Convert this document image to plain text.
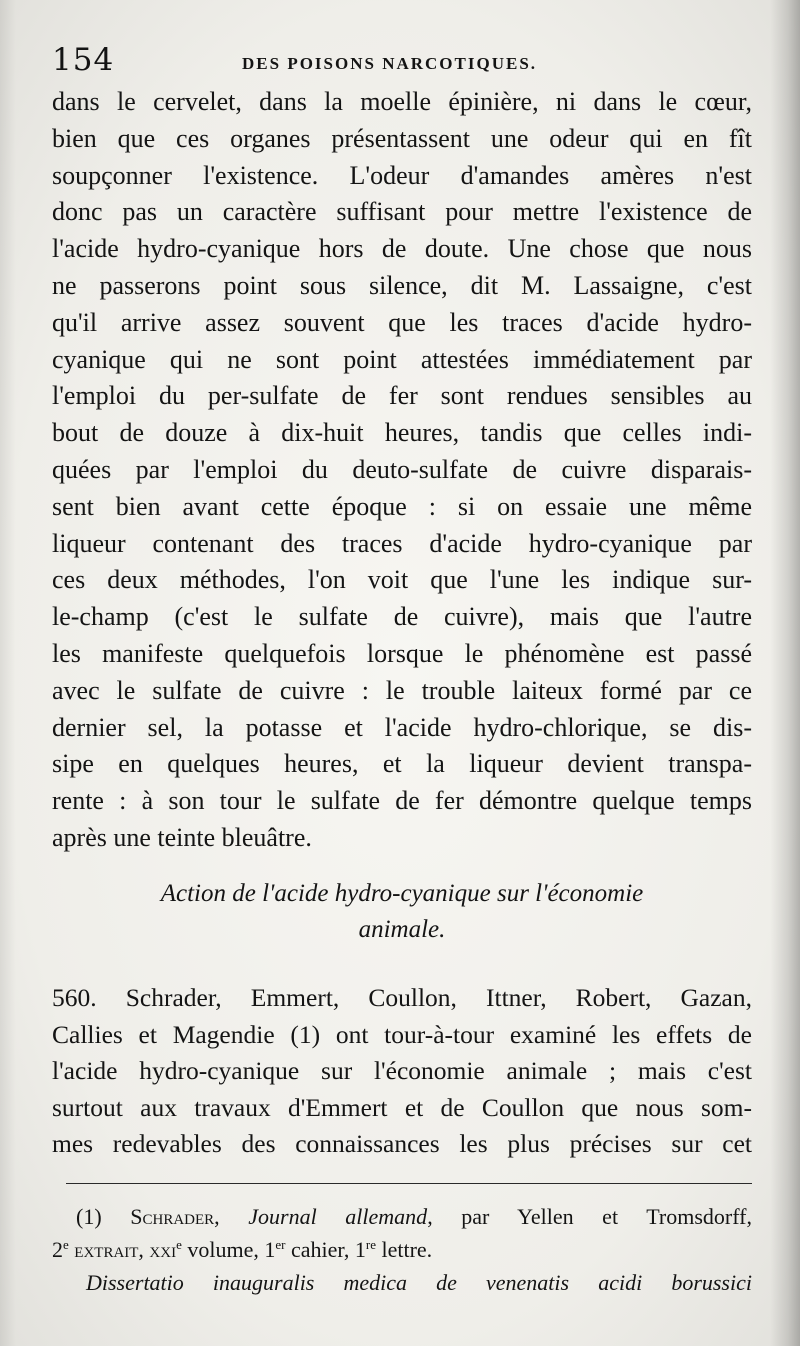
154	DES POISONS NARCOTIQUES.
dans le cervelet, dans la moelle épinière, ni dans le cœur,
bien que ces organes présentassent une odeur qui en fît
soupçonner l'existence. L'odeur d'amandes amères n'est
donc pas un caractère suffisant pour mettre l'existence de
l'acide hydro-cyanique hors de doute. Une chose que nous
ne passerons point sous silence, dit M. Lassaigne, c'est
qu'il arrive assez souvent que les traces d'acide hydro-
cyanique qui ne sont point attestées immédiatement par
l'emploi du per-sulfate de fer sont rendues sensibles au
bout de douze à dix-huit heures, tandis que celles indi-
quées par l'emploi du deuto-sulfate de cuivre disparais-
sent bien avant cette époque : si on essaie une même
liqueur contenant des traces d'acide hydro-cyanique par
ces deux méthodes, l'on voit que l'une les indique sur-
le-champ (c'est le sulfate de cuivre), mais que l'autre
les manifeste quelquefois lorsque le phénomène est passé
avec le sulfate de cuivre : le trouble laiteux formé par ce
dernier sel, la potasse et l'acide hydro-chlorique, se dis-
sipe en quelques heures, et la liqueur devient transpa-
rente : à son tour le sulfate de fer démontre quelque temps
après une teinte bleuâtre.
Action de l'acide hydro-cyanique sur l'économie
animale.
560. Schrader, Emmert, Coullon, Ittner, Robert, Gazan,
Callies et Magendie (1) ont tour-à-tour examiné les effets de
l'acide hydro-cyanique sur l'économie animale ; mais c'est
surtout aux travaux d'Emmert et de Coullon que nous som-
mes redevables des connaissances les plus précises sur cet
(1) Schrader, Journal allemand, par Yellen et Tromsdorff,
2e extrait, xxi$^e$ volume, 1er cahier, 1re lettre.
Dissertatio inauguralis medica de venenatis acidi borussici
